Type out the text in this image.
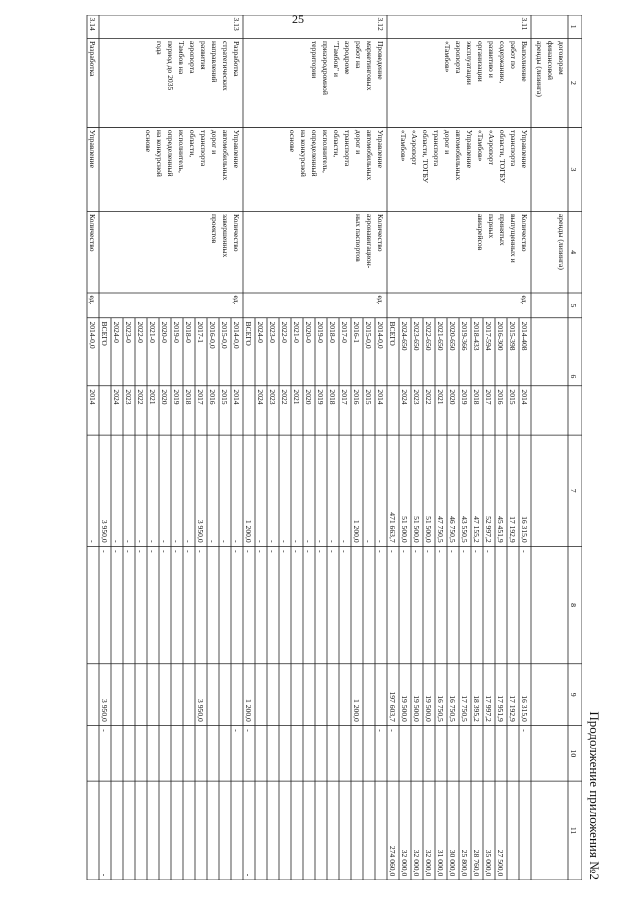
25
Продолжение приложения №2
1
2
3
4
5
6
7
8
9
10
11
договорам
финансовой
аренды (лизинга)
аренды (лизинга)
3.11
Выполнение
работ по
содержанию,
развитию и
организации
эксплуатации
аэропорта
«Тамбов»
Управление
транспорта
области, ТОГБУ
«Аэропорт
«Тамбов»
Управление
автомобильных
дорог и
транспорта
области, ТОГБУ
«Аэропорт
«Тамбов»
Количество
выпущенных и
принятых
парных
авиарейсов
ед.
2014-408
2014
16 315,0
-
16 315,0
-
2015-398
2015
17 192,9
17 192,9
2016-300
2016
45 451,9
17 951,9
27 500,0
2017-594
2017
52 997,2
-
17 997,2
35 000,0
2018-433
2018
47 155,2
-
18 395,2
28 760,0
2019-366
2019
43 550,5
-
17 750,5
25 800,0
2020-650
2020
46 750,5
-
16 750,5
30 000,0
2021-650
2021
47 750,5
-
16 750,5
31 000,0
2022-650
2022
51 500,0
-
19 500,0
32 000,0
2023-650
2023
51 500,0
-
19 500,0
32 000,0
2024-650
2024
51 500,0
-
19 500,0
32 000,0
ВСЕГО
471 663,7
-
197 603,7
-
274 060,0
3.12
Проведение
маркетинговых
работ на
аэродроме
"Тамбов" и
приаэродромной
территории
Управление
автомобильных
дорог и
транспорта
области,
исполнитель,
определенный
на конкурсной
основе
Количество
аэронавигацион-
ных паспортов
ед.
2014-0,0
2014
-
-
-
2015-0,0
2015
-
2016-1
2016
1 200,0
1 200,0
2017-0
2017
-
-
2018-0
2018
-
-
2019-0
2019
-
-
2020-0
2020
-
-
2021-0
2021
-
-
2022-0
2022
-
-
2023-0
2023
-
-
2024-0
2024
-
-
ВСЕГО
1 200,0
-
1 200,0
-
-
3.13
Разработка
стратегических
направлений
развития
аэропорта
Тамбов на
период до 2035
года
Управление
автомобильных
дорог и
транспорта
области,
исполнитель,
определенный
на конкурсной
основе
Количество
завершенных
проектов
ед.
2014-0,0
2014
-
-
-
2015-0,0
2015
-
2016-0,0
2016
-
2017-1
2017
3 950,0
-
3 950,0
2018-0
2018
-
-
2019-0
2019
-
-
2020-0
2020
-
-
2021-0
2021
-
-
2022-0
2022
-
-
2023-0
2023
-
-
2024-0
2024
-
-
ВСЕГО
3 950,0
-
3 950,0
-
-
3.14
Разработка
Управление
Количество
ед.
2014-0,0
2014
-
